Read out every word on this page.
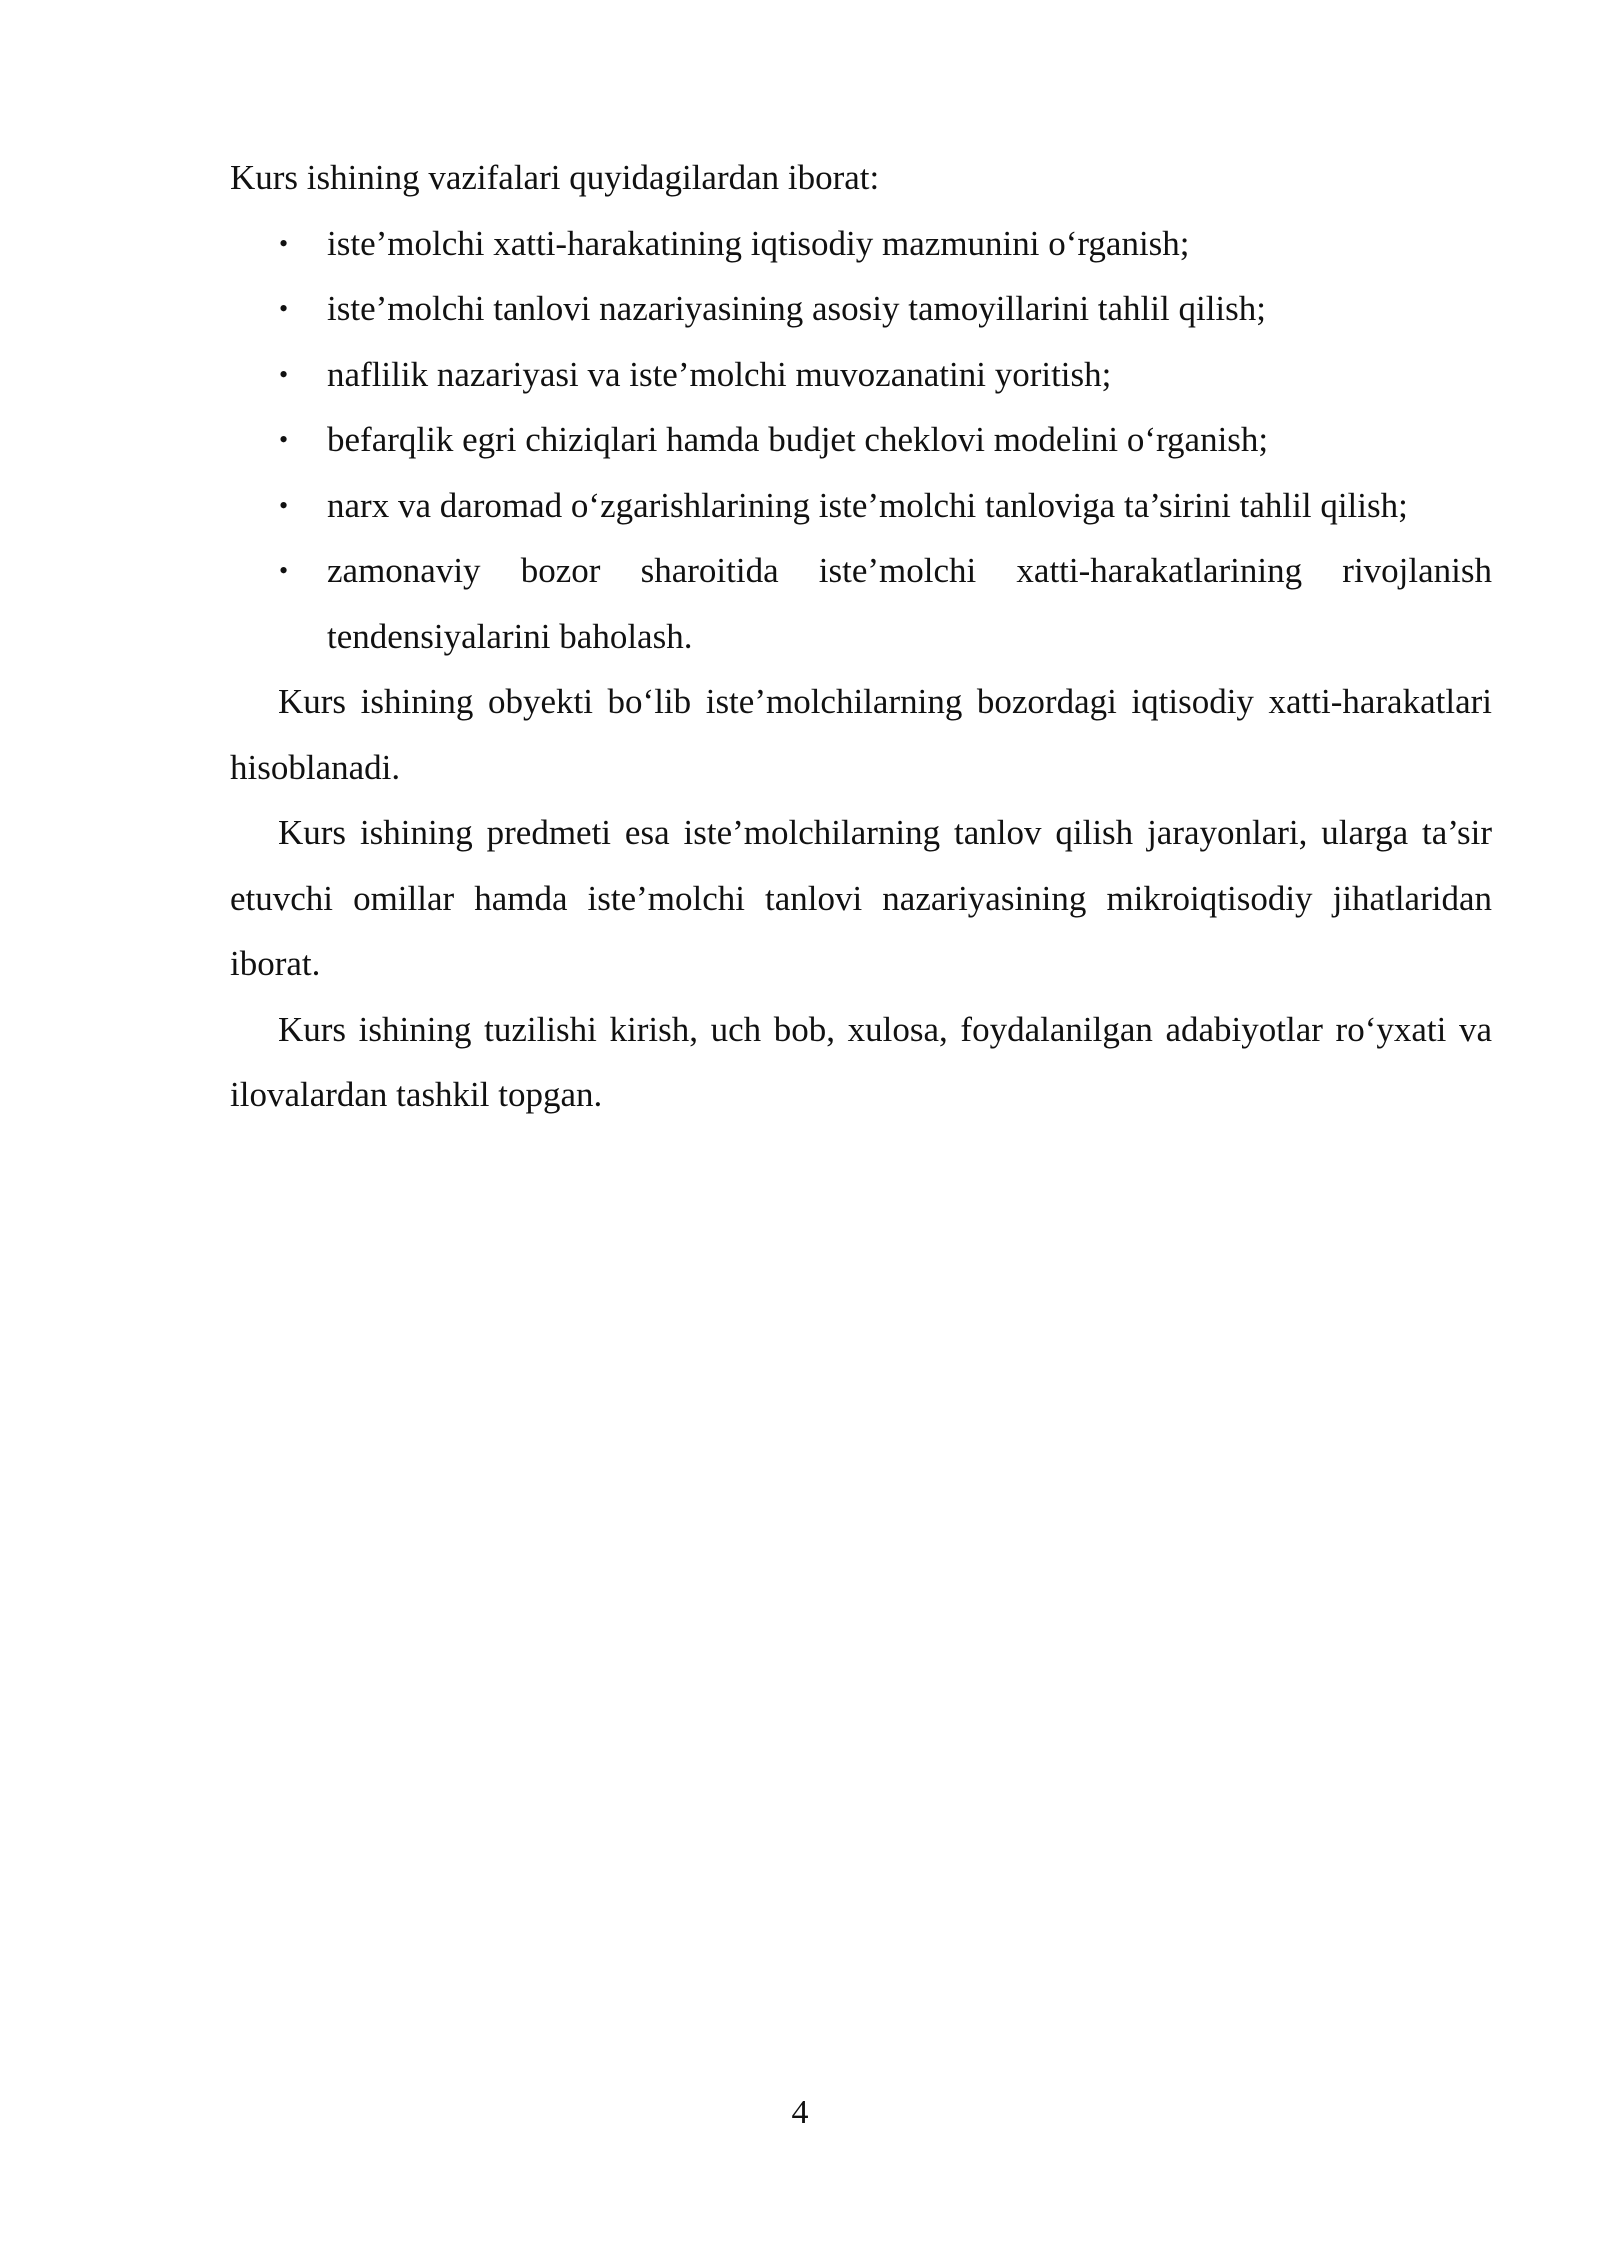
Kurs ishining vazifalari quyidagilardan iborat:

• iste’molchi xatti-harakatining iqtisodiy mazmunini o‘rganish;
• iste’molchi tanlovi nazariyasining asosiy tamoyillarini tahlil qilish;
• naflilik nazariyasi va iste’molchi muvozanatini yoritish;
• befarqlik egri chiziqlari hamda budjet cheklovi modelini o‘rganish;
• narx va daromad o‘zgarishlarining iste’molchi tanloviga ta’sirini tahlil qilish;
• zamonaviy bozor sharoitida iste’molchi xatti-harakatlarining rivojlanish tendensiyalarini baholash.

Kurs ishining obyekti bo‘lib iste’molchilarning bozordagi iqtisodiy xatti-harakatlari hisoblanadi.

Kurs ishining predmeti esa iste’molchilarning tanlov qilish jarayonlari, ularga ta’sir etuvchi omillar hamda iste’molchi tanlovi nazariyasining mikroiqtisodiy jihatlaridan iborat.

Kurs ishining tuzilishi kirish, uch bob, xulosa, foydalanilgan adabiyotlar ro‘yxati va ilovalardan tashkil topgan.

4
